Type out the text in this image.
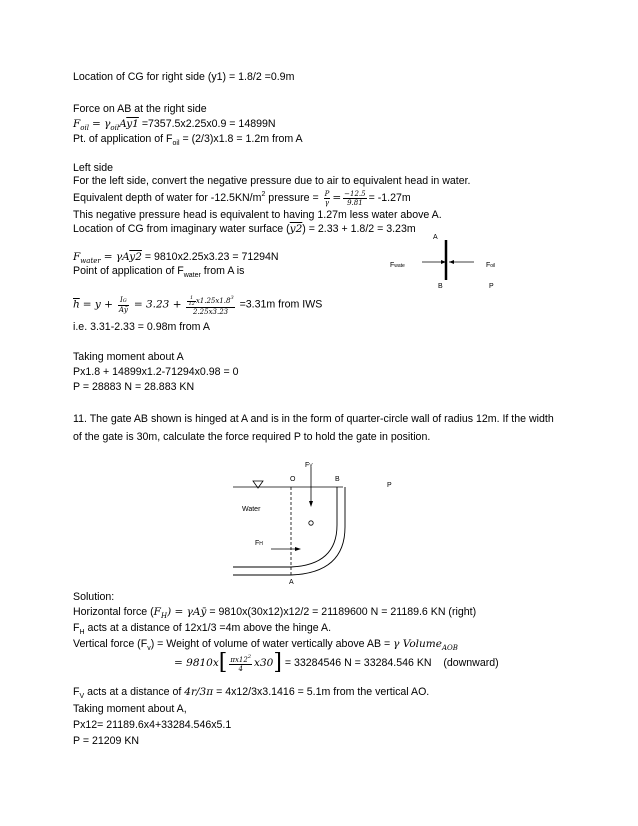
Location of CG for right side (y1) = 1.8/2 =0.9m
Force on AB at the right side
$F_{oil} = \gamma_{oil}Ay1 =7357.5x2.25x0.9 = 14899N$
Pt. of application of $F_{oil} = (2/3)x1.8 = 1.2m$ from A
Left side
For the left side, convert the negative pressure due to air to equivalent head in water.
Equivalent depth of water for $-12.5KN/m^2$ pressure = $\frac{P}{\gamma} = \frac{-12.5}{9.81} = -1.27m$
This negative pressure head is equivalent to having 1.27m less water above A.
Location of CG from imaginary water surface (y2) = 2.33 + 1.8/2 = 3.23m
$F_{water} = \gamma Ay2 = 9810x2.25x3.23 = 71294N$
Point of application of $F_{water}$ from A is
$\overline{h} = y + \frac{IG}{Aȳ} = 3.23 + \frac{\frac{1}{12} x1.25x1.8^3}{2.25x3.23} =3.31m$ from IWS
i.e. 3.31-2.33 = 0.98m from A
Taking moment about A
Px1.8 + 14899x1.2-71294x0.98 = 0
P = 28883 N = 28.883 KN
A
Fwate	Foil
B	P
11. The gate AB shown is hinged at A and is in the form of quarter-circle wall of radius 12m. If the width
of the gate is 30m, calculate the force required P to hold the gate in position.
FV
O	B
P
Water
FH
A
Solution:
Horizontal force $(F_H)$ = γAȳ = 9810x(30x12)x12/2 = 21189600 N = 21189.6 KN (right)
$F_H$ acts at a distance of 12x1/3 =4m above the hinge A.
Vertical force $(F_v)$ = Weight of volume of water vertically above AB = γ Volume$_{AOB}$
= $9810x[ \frac{\pi x12^2}{4} x30] = 33284546$ N = 33284.546 KN (downward)
$F_V$ acts at a distance of 4r/3π = 4x12/3x3.1416 = 5.1m from the vertical AO.
Taking moment about A,
Px12= 21189.6x4+33284.546x5.1
P = 21209 KN
